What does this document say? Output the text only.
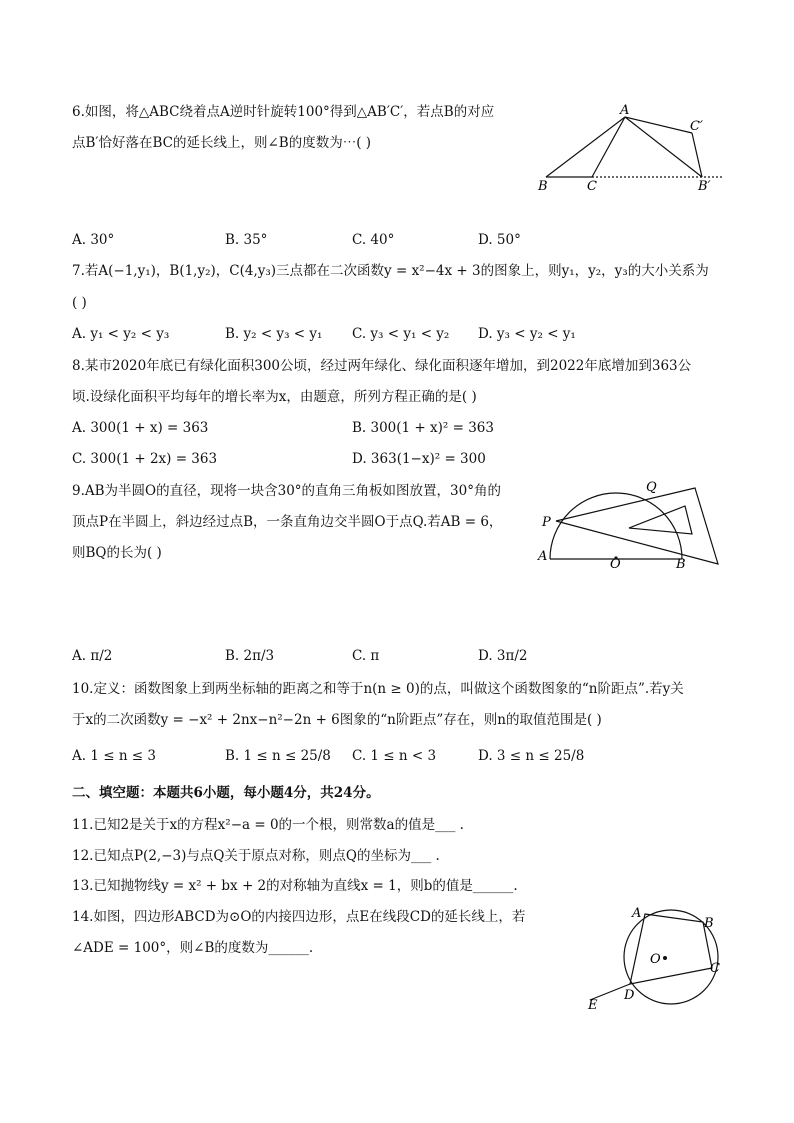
6.如图，将△ABC绕着点A逆时针旋转100°得到△AB′C′，若点B的对应
点B′恰好落在BC的延长线上，则∠B的度数为⋯( )
A
B	C
C′
B′
A. 30°	B. 35°	C. 40°	D. 50°
7.若A(−1,y₁)，B(1,y₂)，C(4,y₃)三点都在二次函数y = x²−4x + 3的图象上，则y₁，y₂，y₃的大小关系为
( )
A. y₁ < y₂ < y₃	B. y₂ < y₃ < y₁ C. y₃ < y₁ < y₂ D. y₃ < y₂ < y₁
8.某市2020年底已有绿化面积300公顷，经过两年绿化、绿化面积逐年增加，到2022年底增加到363公
顷.设绿化面积平均每年的增长率为x，由题意，所列方程正确的是( )
A. 300(1 + x) = 363	B. 300(1 + x)² = 363
C. 300(1 + 2x) = 363	D. 363(1−x)² = 300
9.AB为半圆O的直径，现将一块含30°的直角三角板如图放置，30°角的
顶点P在半圆上，斜边经过点B，一条直角边交半圆O于点Q.若AB = 6，
则BQ的长为( )
Q
P
A
O	B
A. π/2	B. 2π/3	C. π	D. 3π/2
10.定义：函数图象上到两坐标轴的距离之和等于n(n ≥ 0)的点，叫做这个函数图象的“n阶距点”.若y关
于x的二次函数y = −x² + 2nx−n²−2n + 6图象的“n阶距点”存在，则n的取值范围是( )
A. 1 ≤ n ≤ 3	B. 1 ≤ n ≤ 25/8 C. 1 ≤ n < 3	D. 3 ≤ n ≤ 25/8
二、填空题：本题共6小题，每小题4分，共24分。
11.已知2是关于x的方程x²−a = 0的一个根，则常数a的值是___ .
12.已知点P(2,−3)与点Q关于原点对称，则点Q的坐标为___ .
13.已知抛物线y = x² + bx + 2的对称轴为直线x = 1，则b的值是______.
14.如图，四边形ABCD为⊙O的内接四边形，点E在线段CD的延长线上，若
∠ADE = 100°，则∠B的度数为______.
A
B
O
C
D
E
